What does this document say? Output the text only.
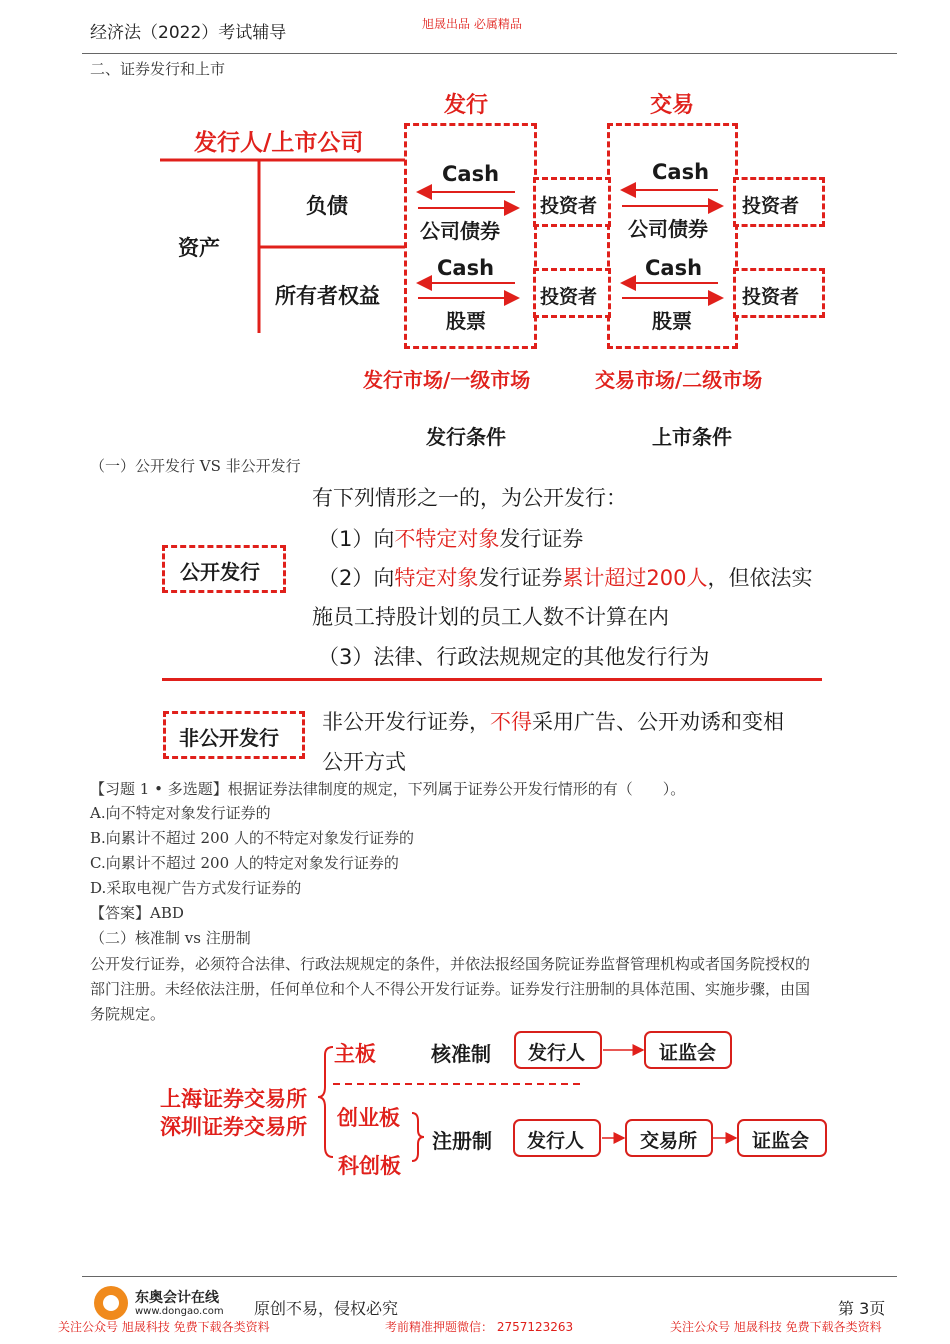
经济法（2022）考试辅导	旭晟出品 必属精品
二、证券发行和上市
发行	交易
发行人/上市公司
资产
负债
所有者权益
投资者
投资者
投资者
投资者
Cash
公司债券
Cash
股票
Cash
公司债券
Cash
股票
发行市场/一级市场	交易市场/二级市场
发行条件	上市条件
（一）公开发行 VS 非公开发行
有下列情形之一的，为公开发行：
（1）向不特定对象发行证券
（2）向特定对象发行证券累计超过200人，但依法实
施员工持股计划的员工人数不计算在内
（3）法律、行政法规规定的其他发行行为
公开发行
非公开发行
非公开发行证券，不得采用广告、公开劝诱和变相
公开方式
【习题 1 • 多选题】根据证券法律制度的规定，下列属于证券公开发行情形的有（　　）。
A.向不特定对象发行证券的
B.向累计不超过 200 人的不特定对象发行证券的
C.向累计不超过 200 人的特定对象发行证券的
D.采取电视广告方式发行证券的
【答案】ABD
（二）核准制 vs 注册制
公开发行证券，必须符合法律、行政法规规定的条件，并依法报经国务院证券监督管理机构或者国务院授权的
部门注册。未经依法注册，任何单位和个人不得公开发行证券。证券发行注册制的具体范围、实施步骤，由国
务院规定。
上海证券交易所
深圳证券交易所
主板
创业板
科创板
核准制
注册制
发行人	证监会
发行人	交易所	证监会
东奥会计在线
www.dongao.com 原创不易，侵权必究	第 3页
关注公众号 旭晟科技 免费下载各类资料	考前精准押题微信： 2757123263	关注公众号 旭晟科技 免费下载各类资料
